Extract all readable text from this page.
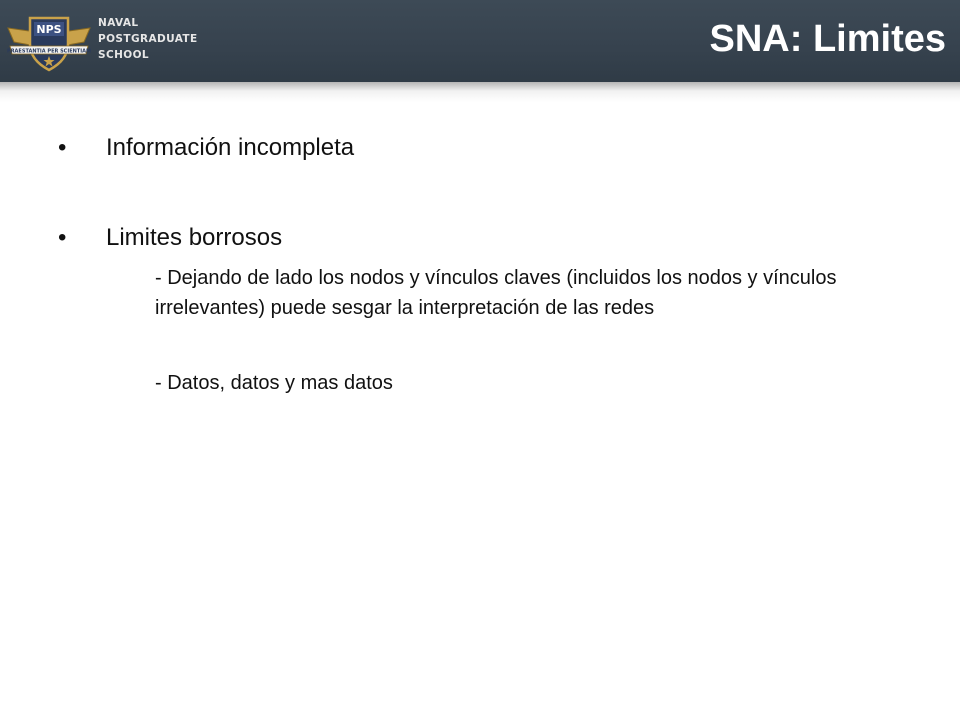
NPS
PRAESTANTIA PER SCIENTIAM
NAVAL
POSTGRADUATE
SCHOOL	SNA: Limites
• Información incompleta
• Limites borrosos
- Dejando de lado los nodos y vínculos claves (incluidos los nodos y vínculos irrelevantes) puede sesgar la interpretación de las redes
- Datos, datos y mas datos
